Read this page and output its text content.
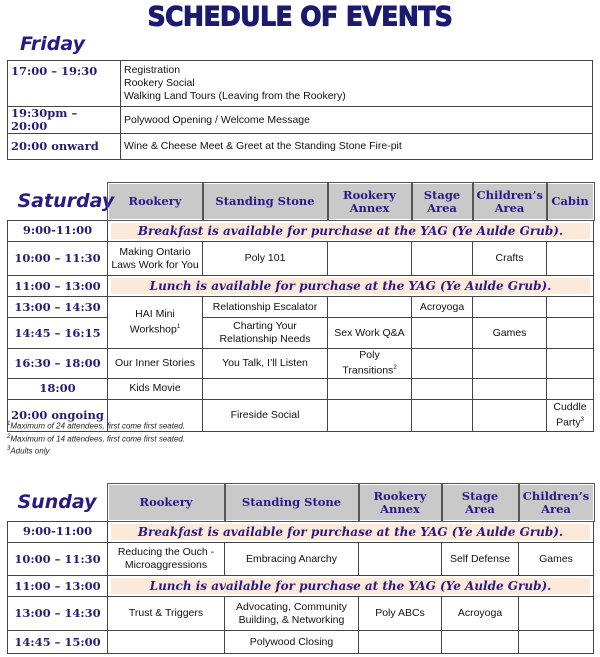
SCHEDULE OF EVENTS
Friday
17:00 – 19:30	Registration
Rookery Social
Walking Land Tours (Leaving from the Rookery)

19:30pm – 20:00	Polywood Opening / Welcome Message

20:00 onward	Wine & Cheese Meet & Greet at the Standing Stone Fire-pit
Saturday	Rookery	Standing Stone	Rookery Annex	Stage Area	Children’s Area	Cabin
9:00-11:00	Breakfast is available for purchase at the YAG (Ye Aulde Grub).					

10:00 – 11:30	Making Ontario Laws Work for You	Poly 101			Crafts	
11:00 – 13:00	Lunch is available for purchase at the YAG (Ye Aulde Grub).					

13:00 – 14:30	HAI Mini Workshop$^1$	Relationship Escalator		Acroyoga		
14:45 – 16:15		Charting Your Relationship Needs	Sex Work Q&A		Games	
16:30 – 18:00	Our Inner Stories	You Talk, I’ll Listen	Poly Transitions$^2$			
18:00	Kids Movie					
20:00 ongoing		Fireside Social				Cuddle Party$^3$
$^1$Maximum of 24 attendees, first come first seated.
$^2$Maximum of 14 attendees, first come first seated.
$^3$Adults only
Sunday	Rookery	Standing Stone	Rookery Annex	Stage Area	Children’s Area
9:00-11:00	Breakfast is available for purchase at the YAG (Ye Aulde Grub).				

10:00 – 11:30	Reducing the Ouch - Microaggressions	Embracing Anarchy		Self Defense	Games
11:00 – 13:00	Lunch is available for purchase at the YAG (Ye Aulde Grub).				

13:00 – 14:30	Trust & Triggers	Advocating, Community Building, & Networking	Poly ABCs	Acroyoga	
14:45 – 15:00		Polywood Closing			
